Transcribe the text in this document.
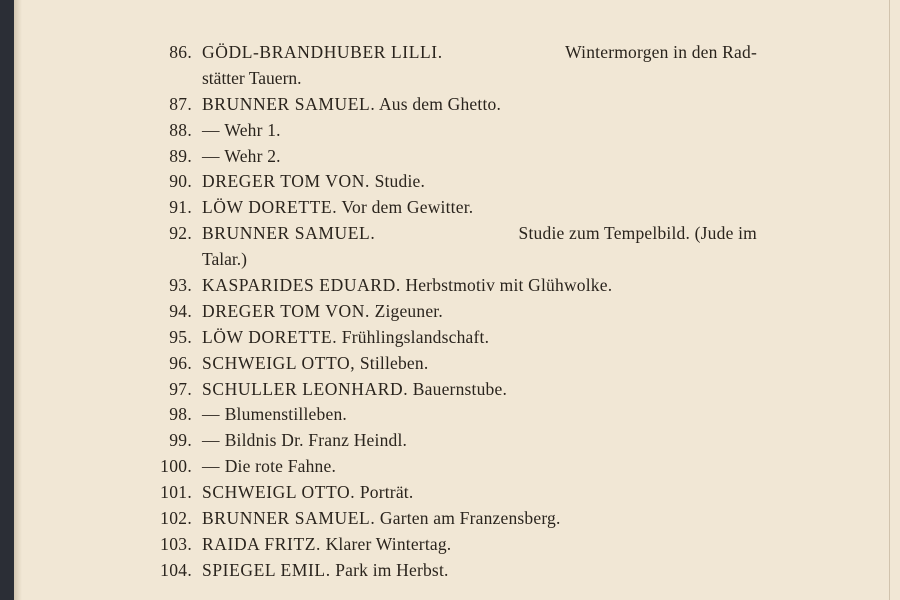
86. GÖDL-BRANDHUBER LILLI.	Wintermorgen in den Rad-
stätter Tauern.
87. BRUNNER SAMUEL. Aus dem Ghetto.
88. — Wehr 1.
89. — Wehr 2.
90. DREGER TOM VON. Studie.
91. LÖW DORETTE. Vor dem Gewitter.
92. BRUNNER SAMUEL.	Studie zum Tempelbild. (Jude im
Talar.)
93. KASPARIDES EDUARD. Herbstmotiv mit Glühwolke.
94. DREGER TOM VON. Zigeuner.
95. LÖW DORETTE. Frühlingslandschaft.
96. SCHWEIGL OTTO, Stilleben.
97. SCHULLER LEONHARD. Bauernstube.
98. — Blumenstilleben.
99. — Bildnis Dr. Franz Heindl.
100. — Die rote Fahne.
101. SCHWEIGL OTTO. Porträt.
102. BRUNNER SAMUEL. Garten am Franzensberg.
103. RAIDA FRITZ. Klarer Wintertag.
104. SPIEGEL EMIL. Park im Herbst.
